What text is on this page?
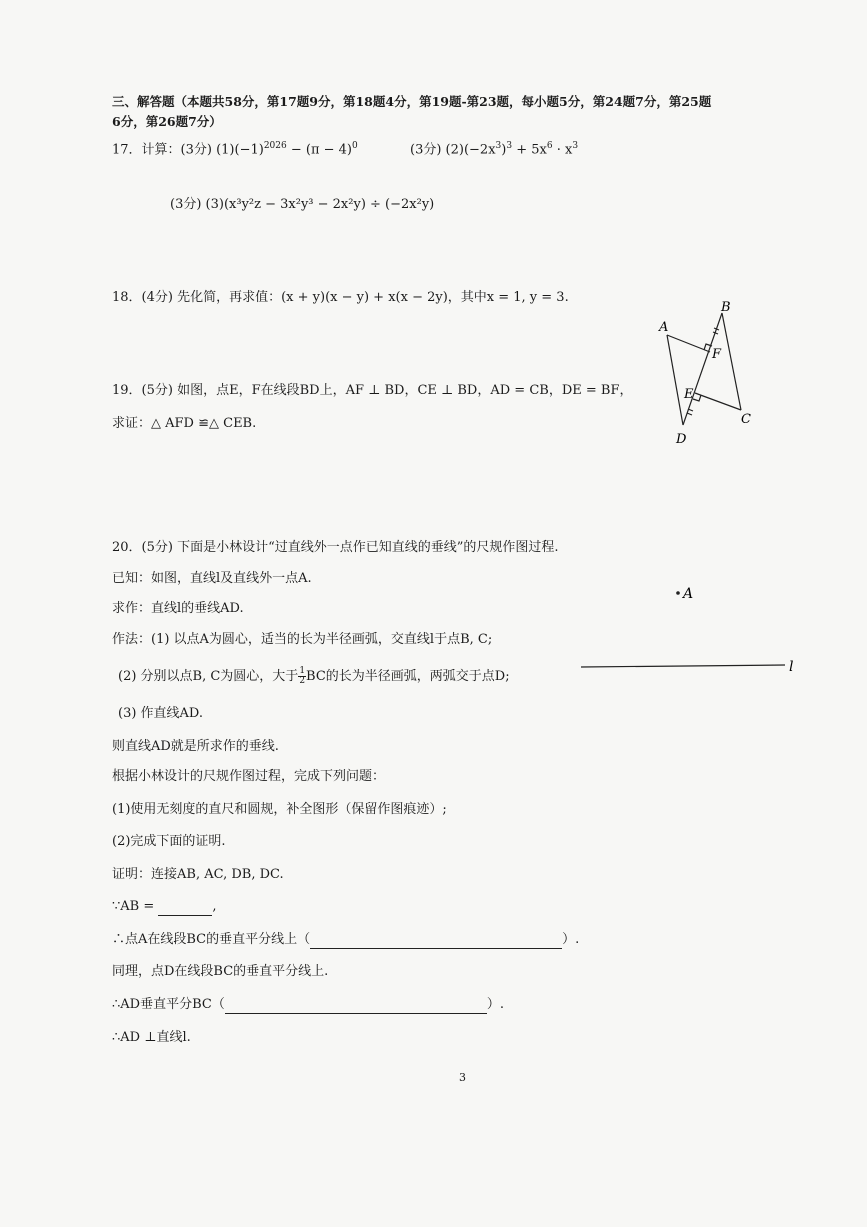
三、解答题（本题共58分，第17题9分，第18题4分，第19题-第23题，每小题5分，第24题7分，第25题
6分，第26题7分）
17．计算：(3分) $(1)(-1)^{2026} - (\pi - 4)^0$	(3分) $(2)(-2x^3)^3 + 5x^6 \cdot x^3$
(3分) (3)(x³y²z − 3x²y³ − 2x²y) ÷ (−2x²y)
18．(4分) 先化简，再求值：(x + y)(x − y) + x(x − 2y)，其中x = 1, y = 3.
19．(5分) 如图，点E，F在线段BD上，AF ⊥ BD，CE ⊥ BD，AD = CB，DE = BF，
求证：△ AFD ≌△ CEB.
A
B
C
D
E
F
20．(5分) 下面是小林设计“过直线外一点作已知直线的垂线”的尺规作图过程.
已知：如图，直线l及直线外一点A.
求作：直线l的垂线AD.
作法：(1) 以点A为圆心，适当的长为半径画弧，交直线l于点B, C;
(2) 分别以点B, C为圆心，大于 $\frac{1}{2}$ BC的长为半径画弧，两弧交于点D;
(3) 作直线AD.
则直线AD就是所求作的垂线.
根据小林设计的尺规作图过程，完成下列问题：
(1)使用无刻度的直尺和圆规，补全图形（保留作图痕迹）;
(2)完成下面的证明.
证明：连接AB, AC, DB, DC.
∵AB =	,
∴点A在线段BC的垂直平分线上（	）.
同理，点D在线段BC的垂直平分线上.
∴AD垂直平分BC（	）.
∴AD ⊥直线l.
A
l
3
